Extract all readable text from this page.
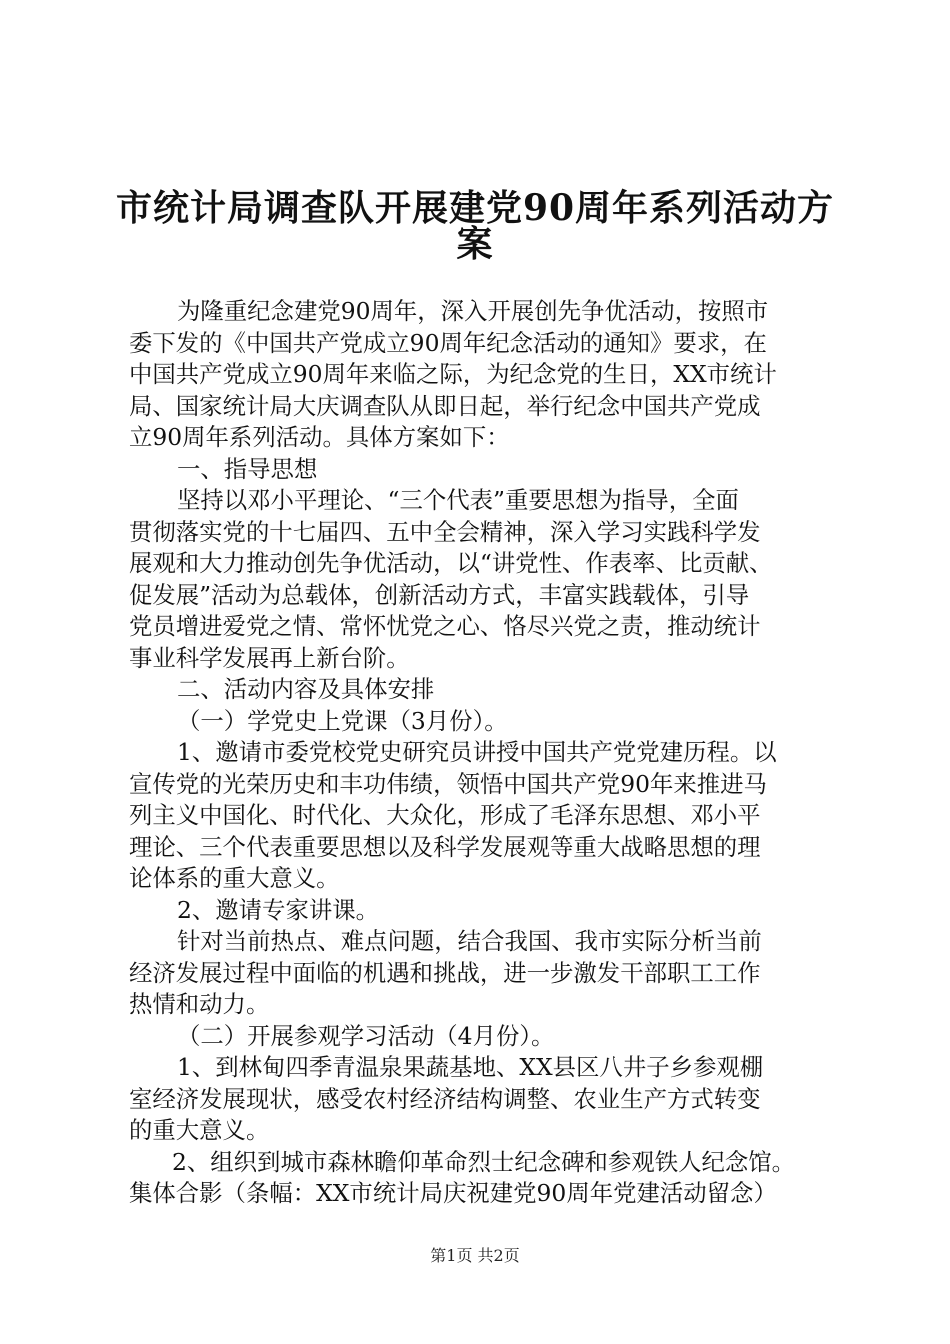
市统计局调查队开展建党90周年系列活动方
案

为隆重纪念建党90周年，深入开展创先争优活动，按照市

委下发的《中国共产党成立90周年纪念活动的通知》要求，在

中国共产党成立90周年来临之际，为纪念党的生日，XX市统计

局、国家统计局大庆调查队从即日起，举行纪念中国共产党成

立90周年系列活动。具体方案如下：

一、指导思想

坚持以邓小平理论、“三个代表”重要思想为指导，全面

贯彻落实党的十七届四、五中全会精神，深入学习实践科学发

展观和大力推动创先争优活动，以“讲党性、作表率、比贡献、

促发展”活动为总载体，创新活动方式，丰富实践载体，引导

党员增进爱党之情、常怀忧党之心、恪尽兴党之责，推动统计

事业科学发展再上新台阶。

二、活动内容及具体安排

（一）学党史上党课（3月份）。

1、邀请市委党校党史研究员讲授中国共产党党建历程。以

宣传党的光荣历史和丰功伟绩，领悟中国共产党90年来推进马

列主义中国化、时代化、大众化，形成了毛泽东思想、邓小平

理论、三个代表重要思想以及科学发展观等重大战略思想的理

论体系的重大意义。

2、邀请专家讲课。

针对当前热点、难点问题，结合我国、我市实际分析当前

经济发展过程中面临的机遇和挑战，进一步激发干部职工工作

热情和动力。

（二）开展参观学习活动（4月份）。

1、到林甸四季青温泉果蔬基地、XX县区八井子乡参观棚

室经济发展现状，感受农村经济结构调整、农业生产方式转变

的重大意义。

2、组织到城市森林瞻仰革命烈士纪念碑和参观铁人纪念馆。

集体合影（条幅：XX市统计局庆祝建党90周年党建活动留念）

第1页 共2页
